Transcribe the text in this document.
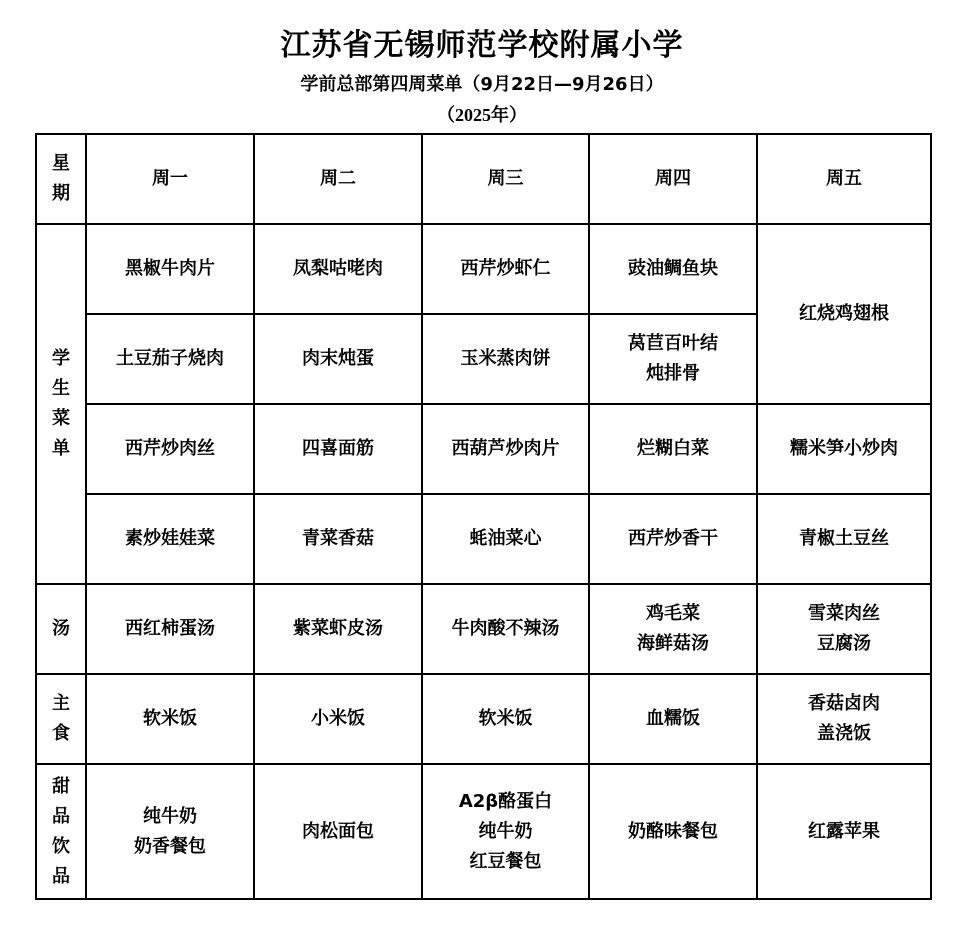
江苏省无锡师范学校附属小学
学前总部第四周菜单（9月22日—9月26日）
（2025年）
星
期	周一	周二	周三	周四	周五

学
生
菜
单	黑椒牛肉片	凤梨咕咾肉	西芹炒虾仁	豉油鲷鱼块	红烧鸡翅根
	土豆茄子烧肉	肉末炖蛋	玉米蒸肉饼	莴苣百叶结
炖排骨	

	西芹炒肉丝	四喜面筋	西葫芦炒肉片	烂糊白菜	糯米笋小炒肉
	素炒娃娃菜	青菜香菇	蚝油菜心	西芹炒香干	青椒土豆丝

汤	西红柿蛋汤	紫菜虾皮汤	牛肉酸不辣汤	鸡毛菜
海鲜菇汤	雪菜肉丝
豆腐汤

主
食	软米饭	小米饭	软米饭	血糯饭	香菇卤肉
盖浇饭

甜
品
饮
品	纯牛奶
奶香餐包	肉松面包	A2β酪蛋白
纯牛奶
红豆餐包	奶酪味餐包	红露苹果
